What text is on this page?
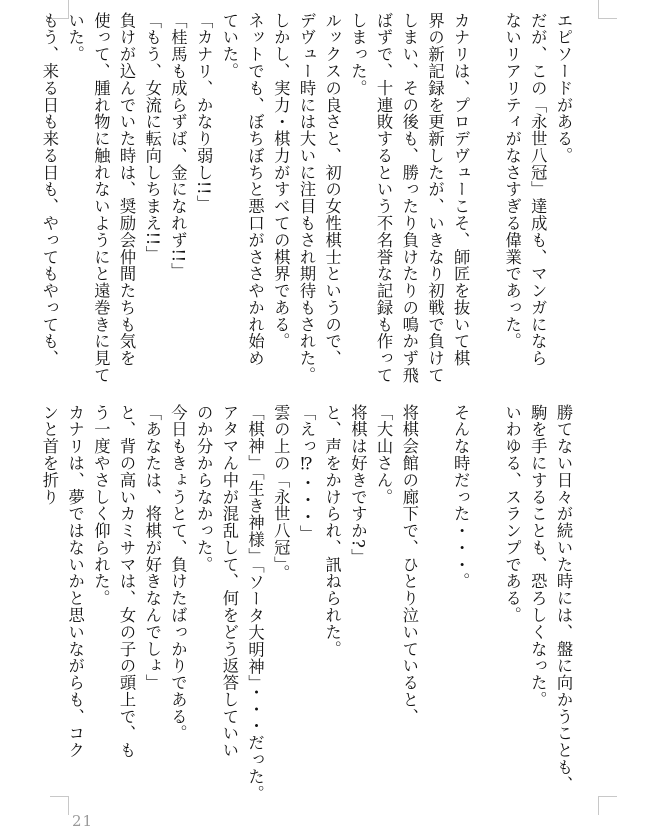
エピソードがある。
だが、この「永世八冠」達成も、マンガになら
ないリアリティがなさすぎる偉業であった。

カナリは、プロデヴューこそ、師匠を抜いて棋
界の新記録を更新したが、いきなり初戦で負けて
しまい、その後も、勝ったり負けたりの鳴かず飛
ばずで、十連敗するという不名誉な記録も作って
しまった。
ルックスの良さと、初の女性棋士というので、
デヴュー時には大いに注目もされ期待もされた。
しかし、実力・棋力がすべての棋界である。
ネットでも、ぼちぼちと悪口がささやかれ始め
ていた。
「カナリ、かなり弱し!!」
「桂馬も成らずば、金になれず!!」
「もう、女流に転向しちまえ!!」
負けが込んでいた時は、奨励会仲間たちも気を
使って、腫れ物に触れないようにと遠巻きに見て
いた。
もう、来る日も来る日も、やってもやっても、
勝てない日々が続いた時には、盤に向かうことも、
駒を手にすることも、恐ろしくなった。
いわゆる、スランプである。

そんな時だった・・・。

将棋会館の廊下で、ひとり泣いていると、
「大山さん。
将棋は好きですか?」
と、声をかけられ、訊ねられた。
「えっ⁉・・・」
雲の上の「永世八冠」。
「棋神」「生き神様」「ソータ大明神」・・・だった。
アタマん中が混乱して、何をどう返答していい
のか分からなかった。
今日もきょうとて、負けたばっかりである。
「あなたは、将棋が好きなんでしょ」
と、背の高いカミサマは、女の子の頭上で、も
う一度やさしく仰られた。
カナリは、夢ではないかと思いながらも、コク
ンと首を折り
21
